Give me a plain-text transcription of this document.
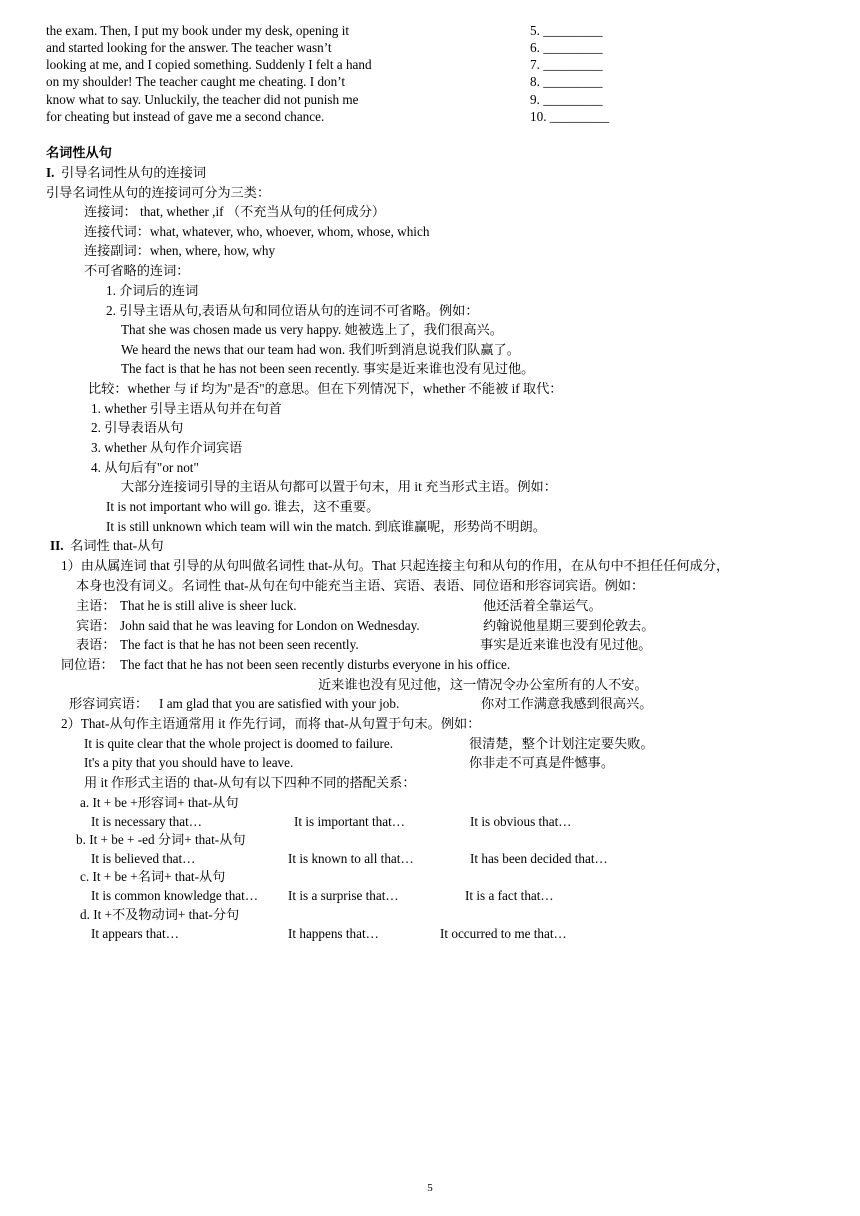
the exam. Then, I put my book under my desk, opening it
and started looking for the answer. The teacher wasn’t
looking at me, and I copied something. Suddenly I felt a hand
on my shoulder! The teacher caught me cheating. I don’t
know what to say. Unluckily, the teacher did not punish me
for cheating but instead of gave me a second chance.
5. _________
6. _________
7. _________
8. _________
9. _________
10. _________
名词性从句
I. 引导名词性从句的连接词
引导名词性从句的连接词可分为三类：
连接词： that, whether ,if （不充当从句的任何成分）
连接代词：what, whatever, who, whoever, whom, whose, which
连接副词：when, where, how, why
不可省略的连词：
1. 介词后的连词
2. 引导主语从句,表语从句和同位语从句的连词不可省略。例如：
That she was chosen made us very happy. 她被选上了，我们很高兴。
We heard the news that our team had won. 我们听到消息说我们队赢了。
The fact is that he has not been seen recently. 事实是近来谁也没有见过他。
比较：whether 与 if 均为"是否"的意思。但在下列情况下，whether 不能被 if 取代：
1. whether 引导主语从句并在句首
2. 引导表语从句
3. whether 从句作介词宾语
4. 从句后有"or not"
大部分连接词引导的主语从句都可以置于句末，用 it 充当形式主语。例如：
It is not important who will go. 谁去，这不重要。
It is still unknown which team will win the match. 到底谁赢呢，形势尚不明朗。
II. 名词性 that-从句
1）由从属连词 that 引导的从句叫做名词性 that-从句。That 只起连接主句和从句的作用，在从句中不担任任何成分，
本身也没有词义。名词性 that-从句在句中能充当主语、宾语、表语、同位语和形容词宾语。例如：
主语： That he is still alive is sheer luck.	他还活着全靠运气。
宾语： John said that he was leaving for London on Wednesday.	约翰说他星期三要到伦敦去。
表语： The fact is that he has not been seen recently.	事实是近来谁也没有见过他。
同位语： The fact that he has not been seen recently disturbs everyone in his office.
近来谁也没有见过他，这一情况令办公室所有的人不安。
形容词宾语： I am glad that you are satisfied with your job.	你对工作满意我感到很高兴。
2）That-从句作主语通常用 it 作先行词，而将 that-从句置于句末。例如：
It is quite clear that the whole project is doomed to failure.	很清楚，整个计划注定要失败。
It's a pity that you should have to leave.	你非走不可真是件憾事。
用 it 作形式主语的 that-从句有以下四种不同的搭配关系：
a. It + be +形容词+ that-从句
It is necessary that…	It is important that…	It is obvious that…
b. It + be + -ed 分词+ that-从句
It is believed that…	It is known to all that…	It has been decided that…
c. It + be +名词+ that-从句
It is common knowledge that… It is a surprise that…	It is a fact that…
d. It +不及物动词+ that-分句
It appears that…	It happens that…	It occurred to me that…
5
